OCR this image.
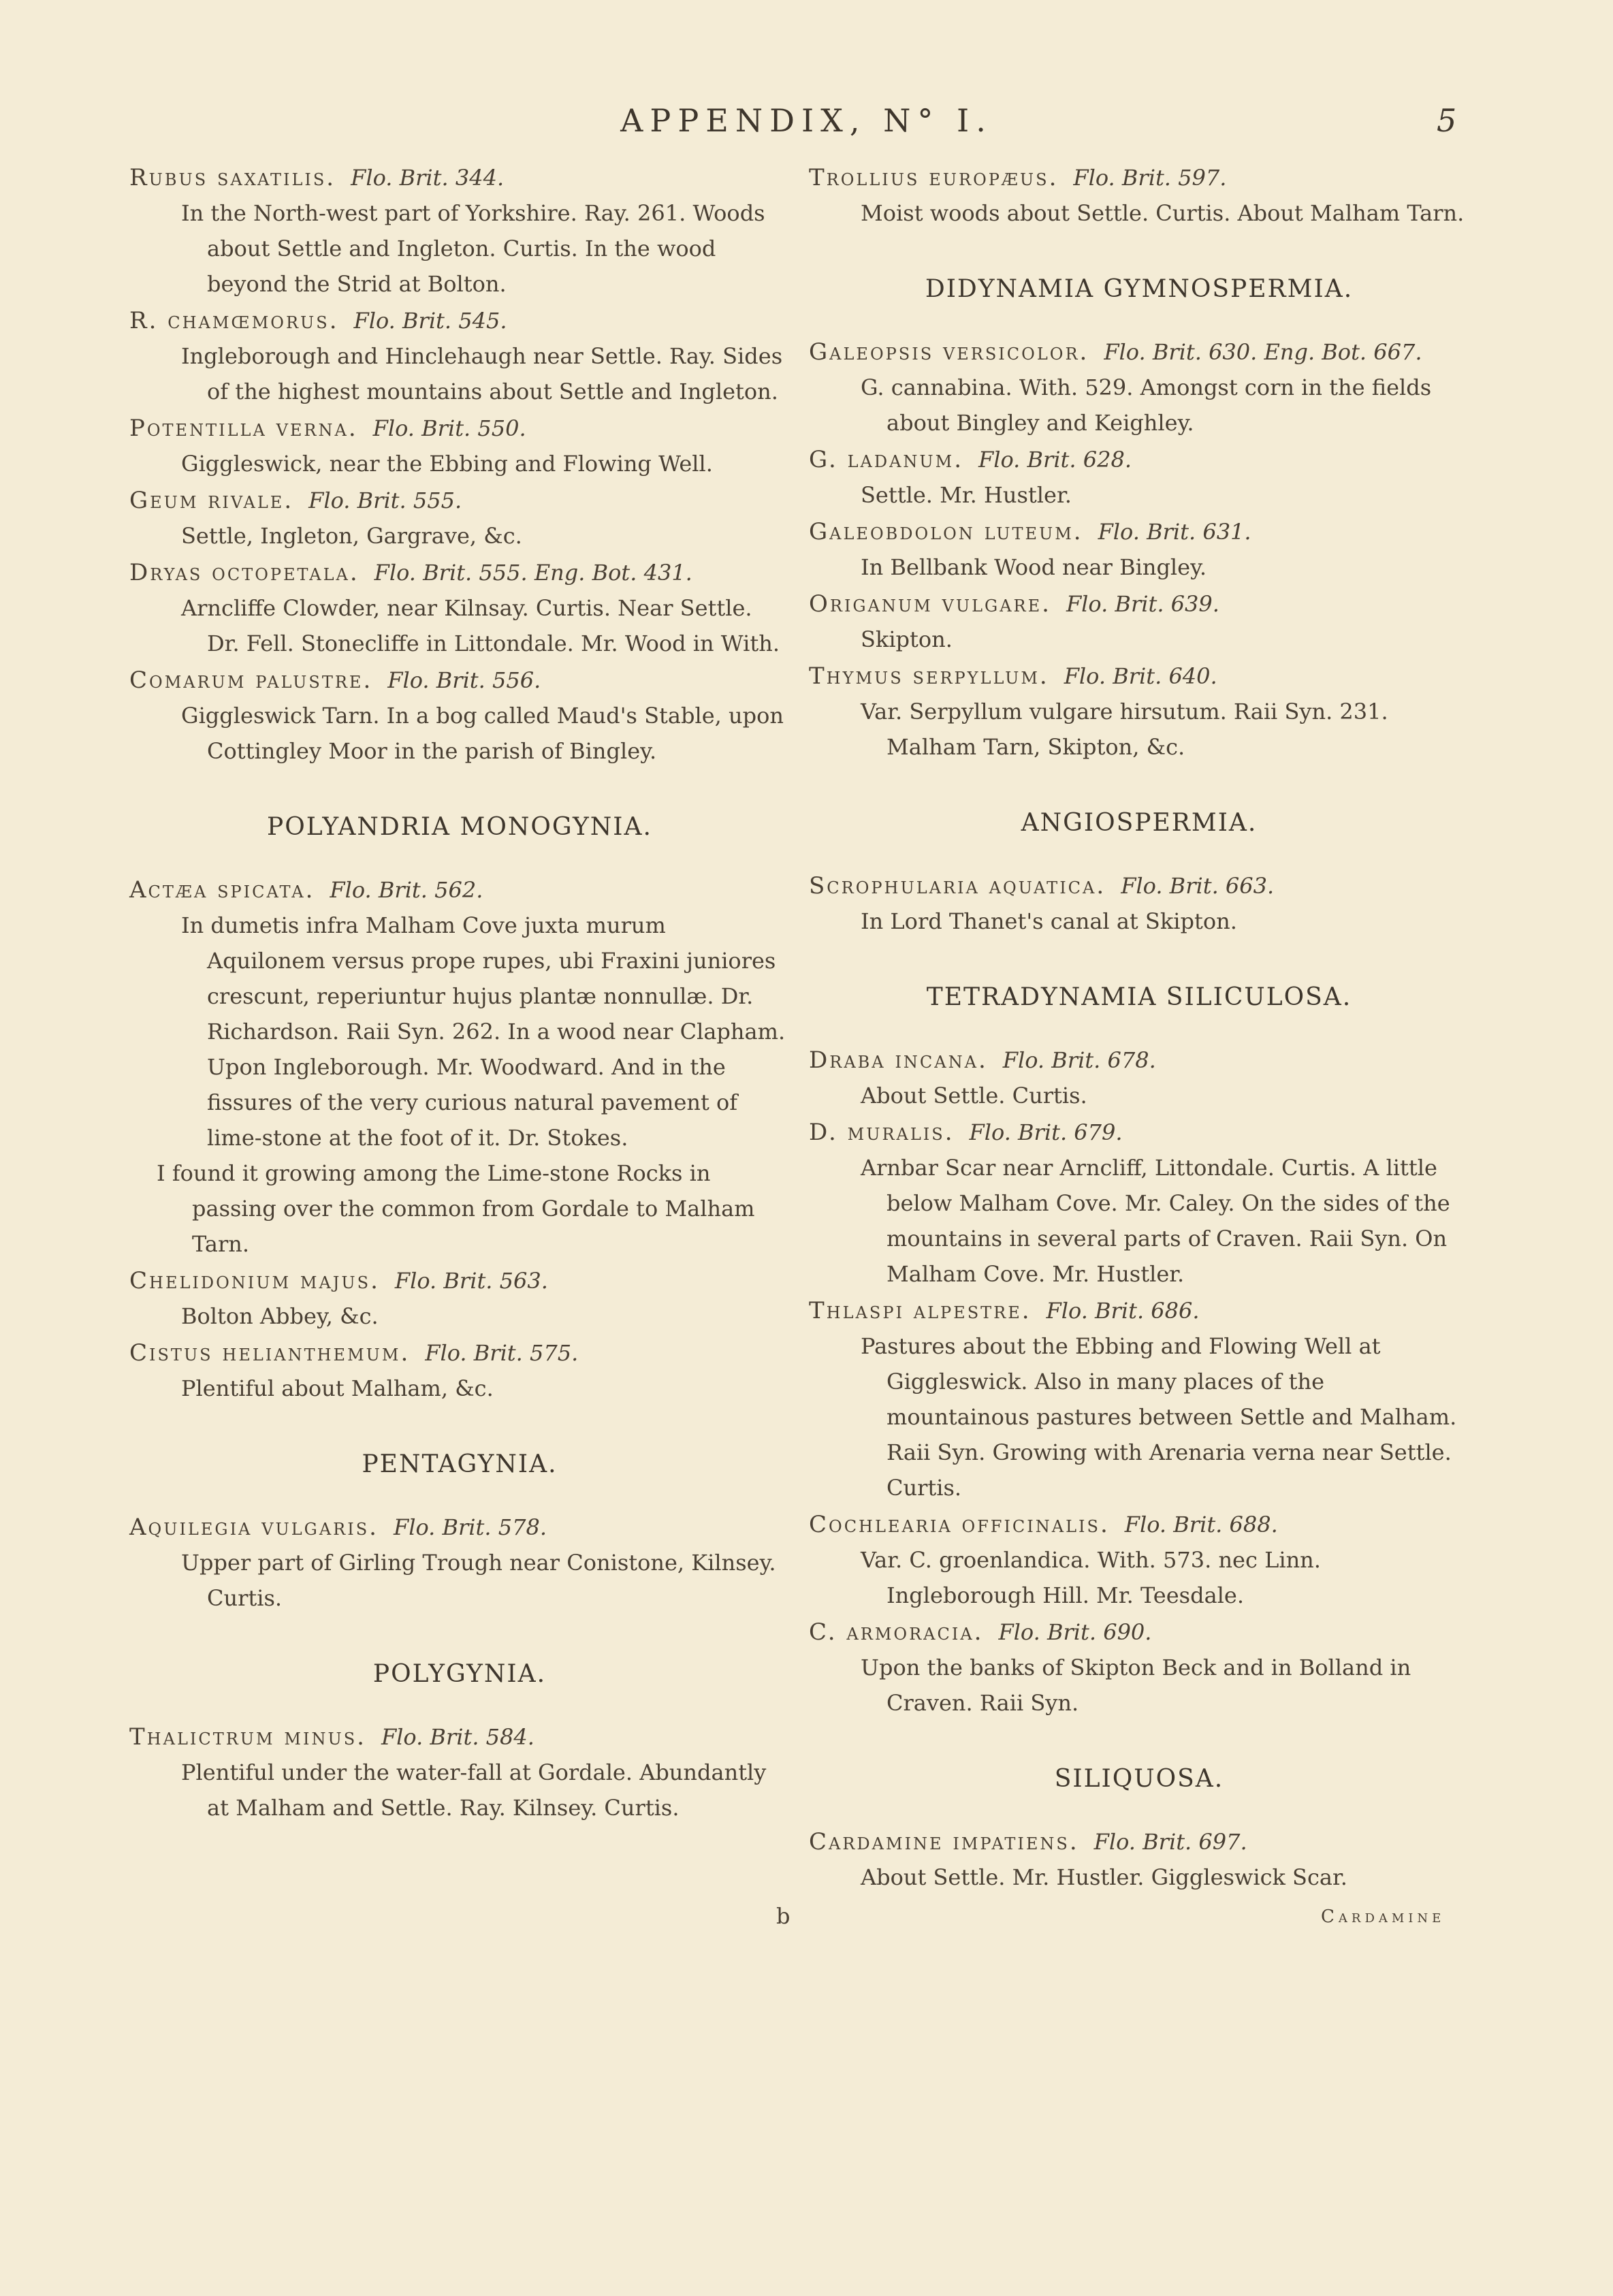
APPENDIX, N° I.	5
Rubus saxatilis. Flo. Brit. 344.
In the North-west part of Yorkshire. Ray. 261. Woods about Settle and Ingleton. Curtis. In the wood beyond the Strid at Bolton.
R. chamœmorus. Flo. Brit. 545.
Ingleborough and Hinclehaugh near Settle. Ray. Sides of the highest mountains about Settle and Ingleton.
Potentilla verna. Flo. Brit. 550.
Giggleswick, near the Ebbing and Flowing Well.
Geum rivale. Flo. Brit. 555.
Settle, Ingleton, Gargrave, &c.
Dryas octopetala. Flo. Brit. 555. Eng. Bot. 431.
Arncliffe Clowder, near Kilnsay. Curtis. Near Settle. Dr. Fell. Stonecliffe in Littondale. Mr. Wood in With.
Comarum palustre. Flo. Brit. 556.
Giggleswick Tarn. In a bog called Maud's Stable, upon Cottingley Moor in the parish of Bingley.
POLYANDRIA MONOGYNIA.
Actæa spicata. Flo. Brit. 562.
In dumetis infra Malham Cove juxta murum Aquilonem versus prope rupes, ubi Fraxini juniores crescunt, reperiuntur hujus plantæ nonnullæ. Dr. Richardson. Raii Syn. 262. In a wood near Clapham. Upon Ingleborough. Mr. Woodward. And in the fissures of the very curious natural pavement of lime-stone at the foot of it. Dr. Stokes.
I found it growing among the Lime-stone Rocks in passing over the common from Gordale to Malham Tarn.
Chelidonium majus. Flo. Brit. 563.
Bolton Abbey, &c.
Cistus helianthemum. Flo. Brit. 575.
Plentiful about Malham, &c.
PENTAGYNIA.
Aquilegia vulgaris. Flo. Brit. 578.
Upper part of Girling Trough near Conistone, Kilnsey. Curtis.
POLYGYNIA.
Thalictrum minus. Flo. Brit. 584.
Plentiful under the water-fall at Gordale. Abundantly at Malham and Settle. Ray. Kilnsey. Curtis.
Trollius europæus. Flo. Brit. 597.
Moist woods about Settle. Curtis. About Malham Tarn.
DIDYNAMIA GYMNOSPERMIA.
Galeopsis versicolor. Flo. Brit. 630. Eng. Bot. 667.
G. cannabina. With. 529. Amongst corn in the fields about Bingley and Keighley.
G. ladanum. Flo. Brit. 628.
Settle. Mr. Hustler.
Galeobdolon luteum. Flo. Brit. 631.
In Bellbank Wood near Bingley.
Origanum vulgare. Flo. Brit. 639.
Skipton.
Thymus serpyllum. Flo. Brit. 640.
Var. Serpyllum vulgare hirsutum. Raii Syn. 231. Malham Tarn, Skipton, &c.
ANGIOSPERMIA.
Scrophularia aquatica. Flo. Brit. 663.
In Lord Thanet's canal at Skipton.
TETRADYNAMIA SILICULOSA.
Draba incana. Flo. Brit. 678.
About Settle. Curtis.
D. muralis. Flo. Brit. 679.
Arnbar Scar near Arncliff, Littondale. Curtis. A little below Malham Cove. Mr. Caley. On the sides of the mountains in several parts of Craven. Raii Syn. On Malham Cove. Mr. Hustler.
Thlaspi alpestre. Flo. Brit. 686.
Pastures about the Ebbing and Flowing Well at Giggleswick. Also in many places of the mountainous pastures between Settle and Malham. Raii Syn. Growing with Arenaria verna near Settle. Curtis.
Cochlearia officinalis. Flo. Brit. 688.
Var. C. groenlandica. With. 573. nec Linn. Ingleborough Hill. Mr. Teesdale.
C. armoracia. Flo. Brit. 690.
Upon the banks of Skipton Beck and in Bolland in Craven. Raii Syn.
SILIQUOSA.
Cardamine impatiens. Flo. Brit. 697.
About Settle. Mr. Hustler. Giggleswick Scar.
b	Cardamine
